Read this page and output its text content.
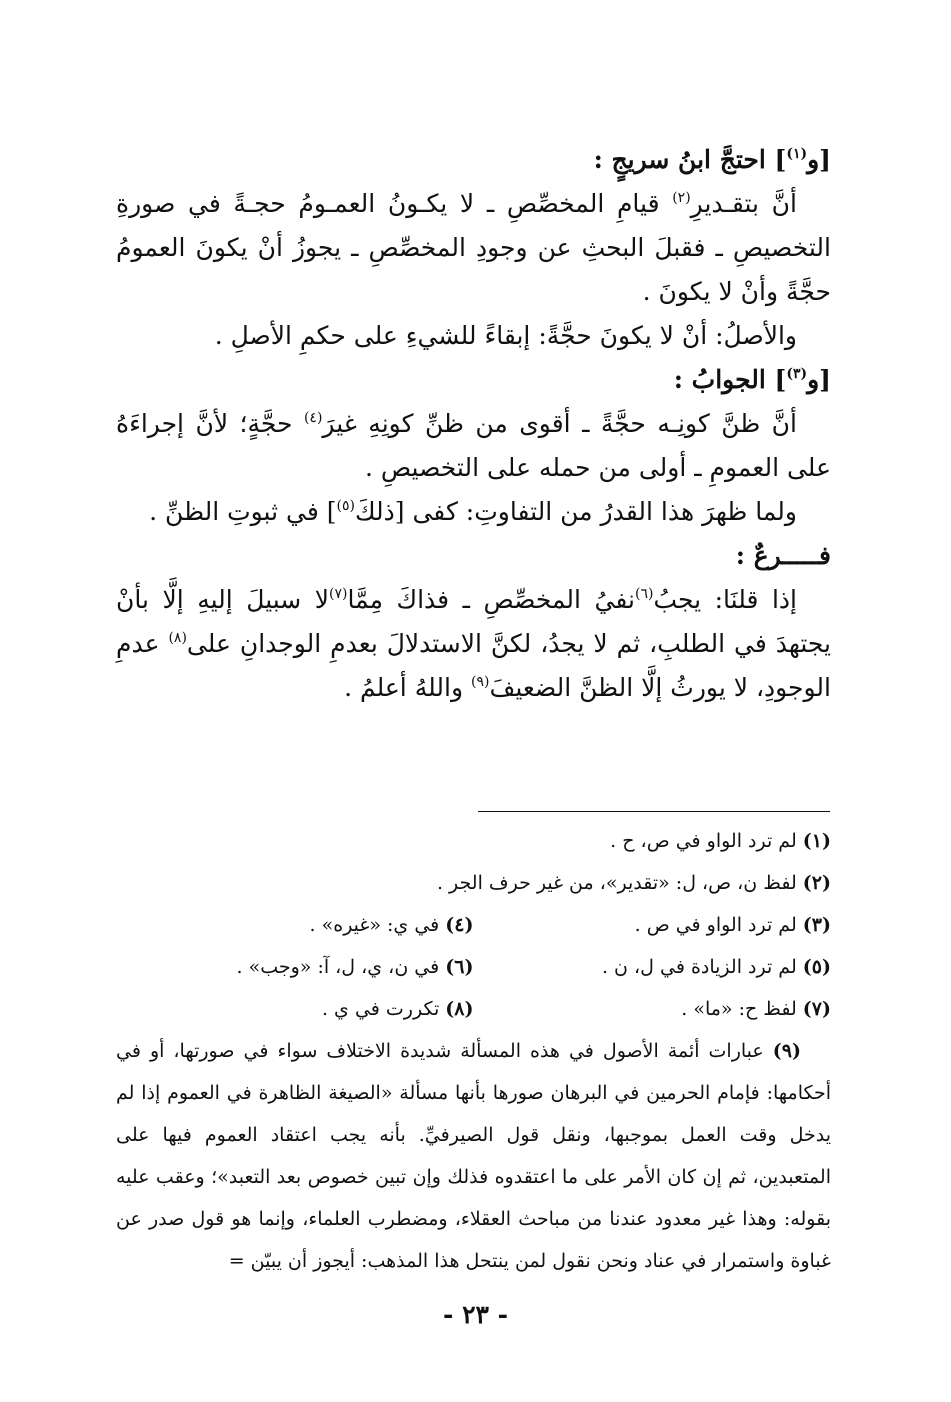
[و$^{(١)}$] احتجَّ ابنُ سريجٍ :

أنَّ بتقـديرِ$^{(٢)}$ قيامِ المخصِّصِ ـ لا يكـونُ العمـومُ حجـةً في صورةِ التخصيصِ ـ فقبلَ البحثِ عن وجودِ المخصِّصِ ـ يجوزُ أنْ يكونَ العمومُ حجَّةً وأنْ لا يكونَ .

والأصلُ: أنْ لا يكونَ حجَّةً: إبقاءً للشيءِ على حكمِ الأصلِ .

[و$^{(٣)}$] الجوابُ :

أنَّ ظنَّ كونِـه حجَّةً ـ أقوى من ظنِّ كونِهِ غيرَ$^{(٤)}$ حجَّةٍ؛ لأنَّ إجراءَهُ على العمومِ ـ أولى من حمله على التخصيصِ .

ولما ظهرَ هذا القدرُ من التفاوتِ: كفى [ذلكَ$^{(٥)}$] في ثبوتِ الظنِّ .

فـــــرعٌ :

إذا قلنَا: يجبُ$^{(٦)}$نفيُ المخصِّصِ ـ فذاكَ مِمَّا$^{(٧)}$لا سبيلَ إليهِ إلَّا بأنْ يجتهدَ في الطلبِ، ثم لا يجدُ، لكنَّ الاستدلالَ بعدمِ الوجدانِ على$^{(٨)}$ عدمِ الوجودِ، لا يورثُ إلَّا الظنَّ الضعيفَ$^{(٩)}$ واللهُ أعلمُ .

(١) لم ترد الواو في ص، ح .

(٢) لفظ ن، ص، ل: «تقدير»، من غير حرف الجر .

(٣) لم ترد الواو في ص .
(٤) في ي: «غيره» .
(٥) لم ترد الزيادة في ل، ن .
(٦) في ن، ي، ل، آ: «وجب» .
(٧) لفظ ح: «ما» .
(٨) تكررت في ي .

(٩) عبارات أئمة الأصول في هذه المسألة شديدة الاختلاف سواء في صورتها، أو في أحكامها: فإمام الحرمين في البرهان صورها بأنها مسألة «الصيغة الظاهرة في العموم إذا لم يدخل وقت العمل بموجبها، ونقل قول الصيرفيِّ. بأنه يجب اعتقاد العموم فيها على المتعبدين، ثم إن كان الأمر على ما اعتقدوه فذلك وإن تبين خصوص بعد التعبد»؛ وعقب عليه بقوله: وهذا غير معدود عندنا من مباحث العقلاء، ومضطرب العلماء، وإنما هو قول صدر عن غباوة واستمرار في عناد ونحن نقول لمن ينتحل هذا المذهب: أيجوز أن يبيّن =

- ٢٣ -
